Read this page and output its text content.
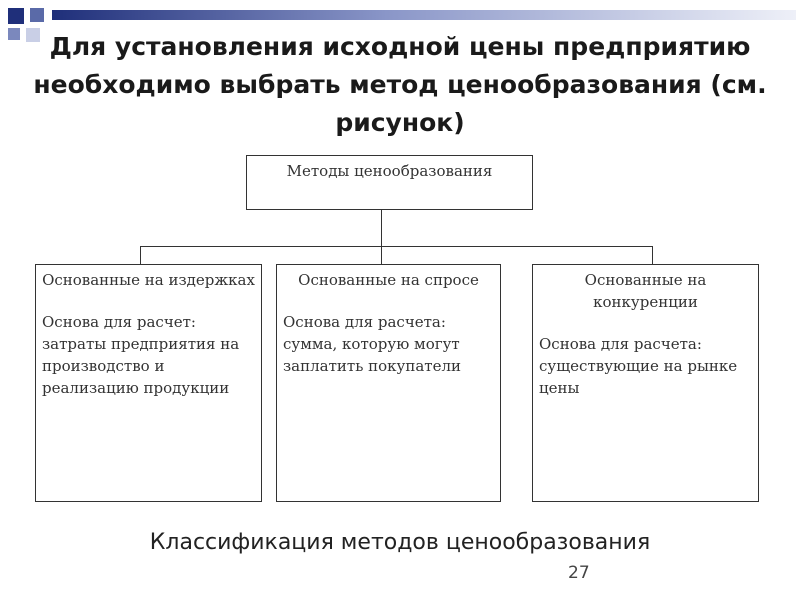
Для установления исходной цены предприятию необходимо выбрать метод ценообразования (см. рисунок)
Методы ценообразования
Основанные на издержках
Основа для расчет: затраты предприятия на производство и реализацию продукции
Основанные на спросе
Основа для расчета: сумма, которую могут заплатить покупатели
Основанные на конкуренции
Основа для расчета: существующие на рынке цены
Классификация методов ценообразования
27
